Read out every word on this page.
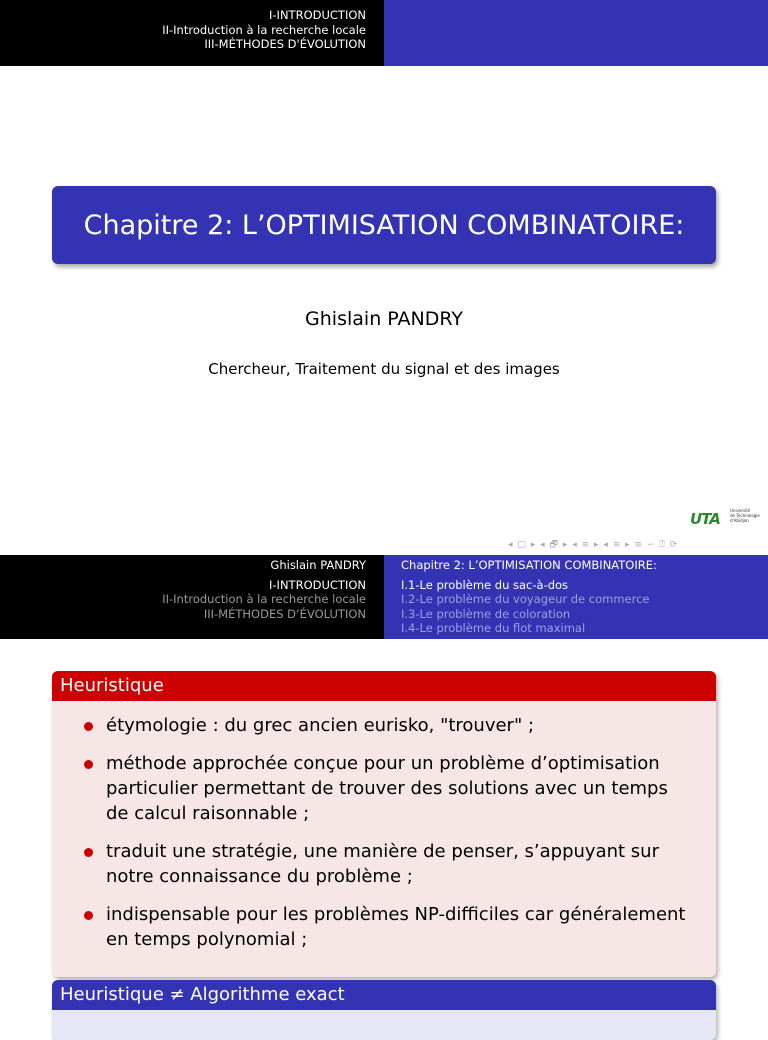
I-INTRODUCTION
II-Introduction à la recherche locale
III-MÉTHODES D'ÉVOLUTION
Chapitre 2: L’OPTIMISATION COMBINATOIRE:
Ghislain PANDRY
Chercheur, Traitement du signal et des images
UTA	Université
de Technologie
d'Abidjan
◂ □ ▸ ◂ 🗗 ▸ ◂ ≡ ▸ ◂ ≡ ▸ ≡ ∽ ⍰ ⟳
Ghislain PANDRY
I-INTRODUCTION
II-Introduction à la recherche locale
III-MÉTHODES D’ÉVOLUTION
Chapitre 2: L’OPTIMISATION COMBINATOIRE:
I.1-Le problème du sac-à-dos
I.2-Le problème du voyageur de commerce
I.3-Le problème de coloration
I.4-Le problème du flot maximal
Heuristique
étymologie : du grec ancien eurisko, "trouver" ;
méthode approchée conçue pour un problème d’optimisation particulier permettant de trouver des solutions avec un temps de calcul raisonnable ;
traduit une stratégie, une manière de penser, s’appuyant sur notre connaissance du problème ;
indispensable pour les problèmes NP-difficiles car généralement en temps polynomial ;
Heuristique ≠ Algorithme exact
